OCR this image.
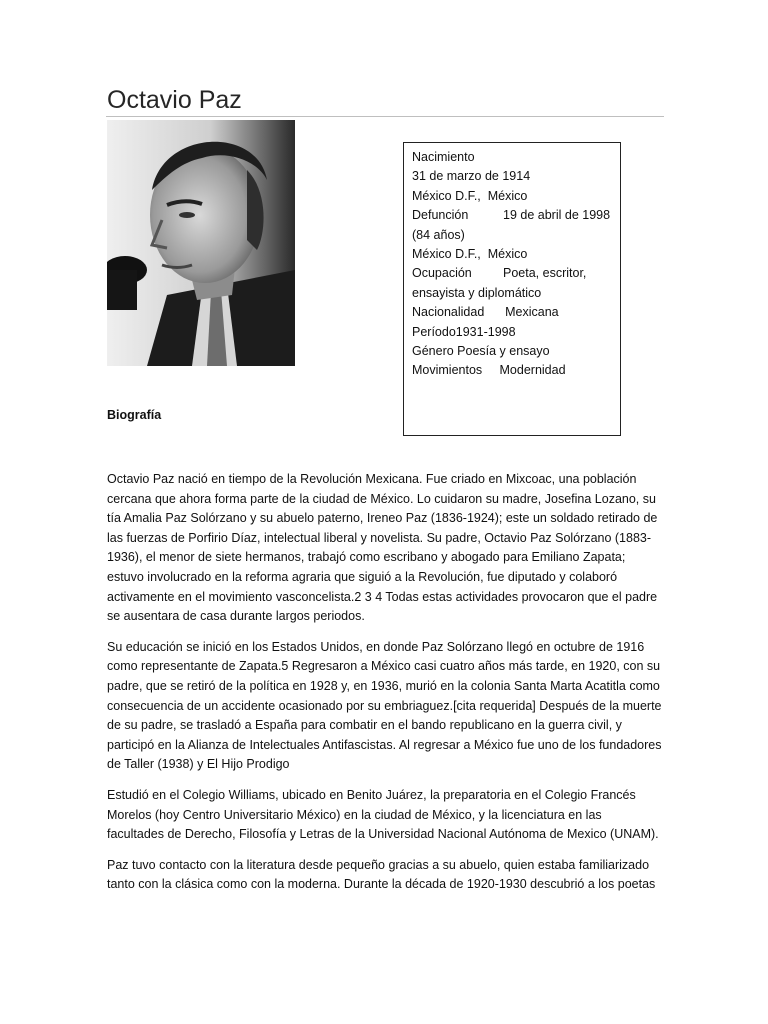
Octavio Paz
Nacimiento
31 de marzo de 1914
México D.F.,  México
Defunción          19 de abril de 1998
(84 años)
México D.F.,  México
Ocupación         Poeta, escritor,
ensayista y diplomático
Nacionalidad      Mexicana
Período1931-1998
Género Poesía y ensayo
Movimientos     Modernidad
Biografía

Octavio Paz nació en tiempo de la Revolución Mexicana. Fue criado en Mixcoac, una población cercana que ahora forma parte de la ciudad de México. Lo cuidaron su madre, Josefina Lozano, su tía Amalia Paz Solórzano y su abuelo paterno, Ireneo Paz (1836-1924); este un soldado retirado de las fuerzas de Porfirio Díaz, intelectual liberal y novelista. Su padre, Octavio Paz Solórzano (1883-1936), el menor de siete hermanos, trabajó como escribano y abogado para Emiliano Zapata; estuvo involucrado en la reforma agraria que siguió a la Revolución, fue diputado y colaboró activamente en el movimiento vasconcelista.2 3 4 Todas estas actividades provocaron que el padre se ausentara de casa durante largos periodos.

Su educación se inició en los Estados Unidos, en donde Paz Solórzano llegó en octubre de 1916 como representante de Zapata.5 Regresaron a México casi cuatro años más tarde, en 1920, con su padre, que se retiró de la política en 1928 y, en 1936, murió en la colonia Santa Marta Acatitla como consecuencia de un accidente ocasionado por su embriaguez.[cita requerida] Después de la muerte de su padre, se trasladó a España para combatir en el bando republicano en la guerra civil, y participó en la Alianza de Intelectuales Antifascistas. Al regresar a México fue uno de los fundadores de Taller (1938) y El Hijo Prodigo

Estudió en el Colegio Williams, ubicado en Benito Juárez, la preparatoria en el Colegio Francés Morelos (hoy Centro Universitario México) en la ciudad de México, y la licenciatura en las facultades de Derecho, Filosofía y Letras de la Universidad Nacional Autónoma de Mexico (UNAM).

Paz tuvo contacto con la literatura desde pequeño gracias a su abuelo, quien estaba familiarizado tanto con la clásica como con la moderna. Durante la década de 1920-1930 descubrió a los poetas
